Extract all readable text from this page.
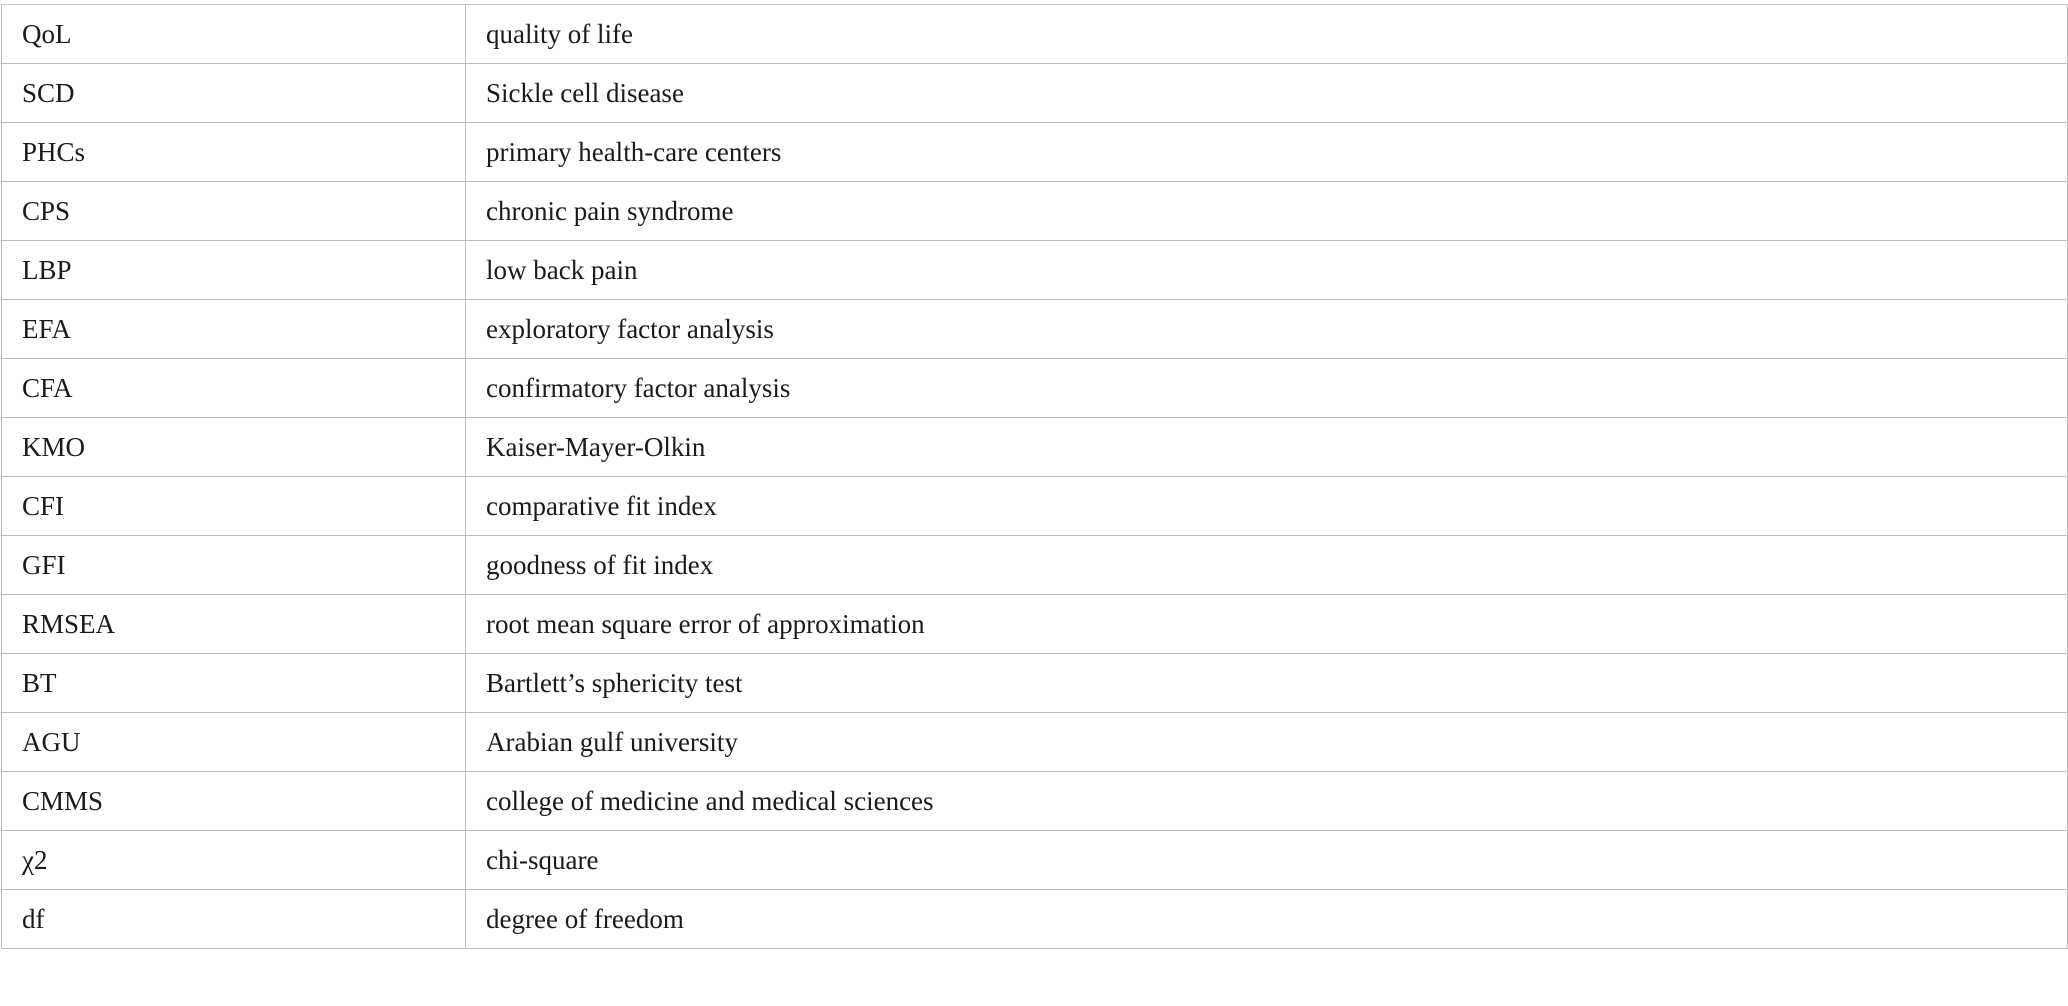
QoL	quality of life
SCD	Sickle cell disease
PHCs	primary health-care centers
CPS	chronic pain syndrome
LBP	low back pain
EFA	exploratory factor analysis
CFA	confirmatory factor analysis
KMO	Kaiser-Mayer-Olkin
CFI	comparative fit index
GFI	goodness of fit index
RMSEA	root mean square error of approximation
BT	Bartlett’s sphericity test
AGU	Arabian gulf university
CMMS	college of medicine and medical sciences
χ2	chi-square
df	degree of freedom
